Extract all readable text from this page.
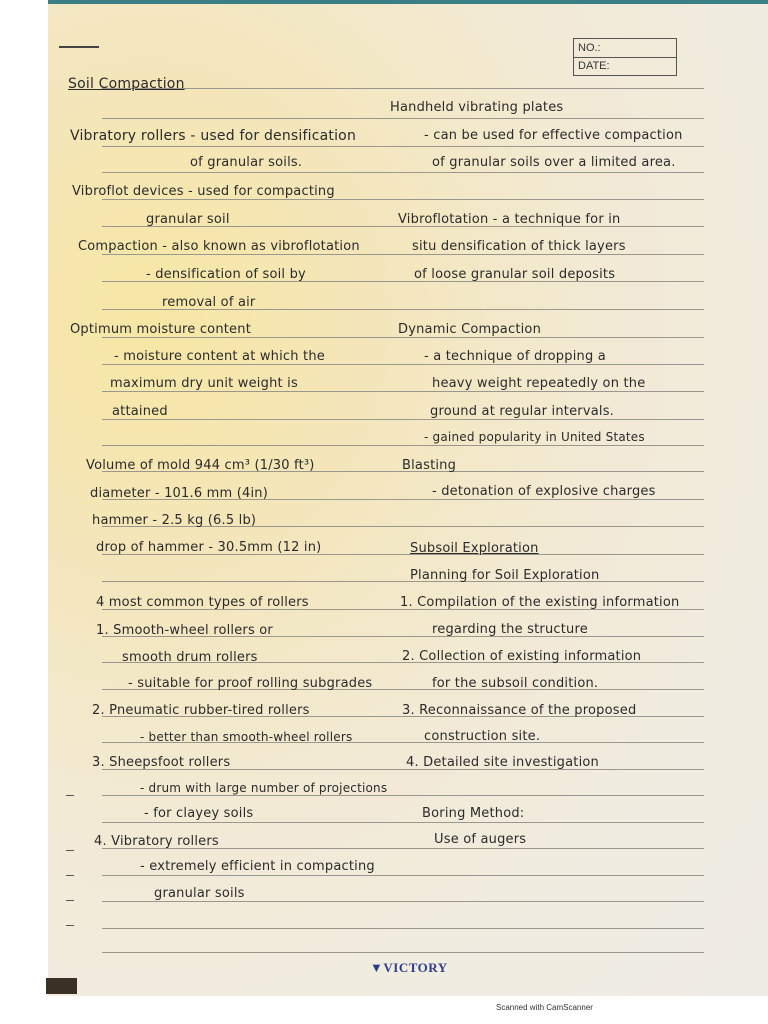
NO.:
DATE:
Soil Compaction
Vibratory rollers - used for densification
of granular soils.
Vibroflot devices - used for compacting
granular soil
Compaction - also known as vibroflotation
- densification of soil by
removal of air
Optimum moisture content
- moisture content at which the
maximum dry unit weight is
attained
Volume of mold 944 cm³ (1/30 ft³)
diameter - 101.6 mm (4in)
hammer - 2.5 kg (6.5 lb)
drop of hammer - 30.5mm (12 in)
4 most common types of rollers
1. Smooth-wheel rollers or
smooth drum rollers
- suitable for proof rolling subgrades
2. Pneumatic rubber-tired rollers
- better than smooth-wheel rollers
3. Sheepsfoot rollers
- drum with large number of projections
- for clayey soils
4. Vibratory rollers
- extremely efficient in compacting
granular soils
Handheld vibrating plates
- can be used for effective compaction
of granular soils over a limited area.
Vibroflotation - a technique for in
situ densification of thick layers
of loose granular soil deposits
Dynamic Compaction
- a technique of dropping a
heavy weight repeatedly on the
ground at regular intervals.
- gained popularity in United States
Blasting
- detonation of explosive charges
Subsoil Exploration
Planning for Soil Exploration
1. Compilation of the existing information
regarding the structure
2. Collection of existing information
for the subsoil condition.
3. Reconnaissance of the proposed
construction site.
4. Detailed site investigation
Boring Method:
Use of augers
▼VICTORY
Scanned with CamScanner
